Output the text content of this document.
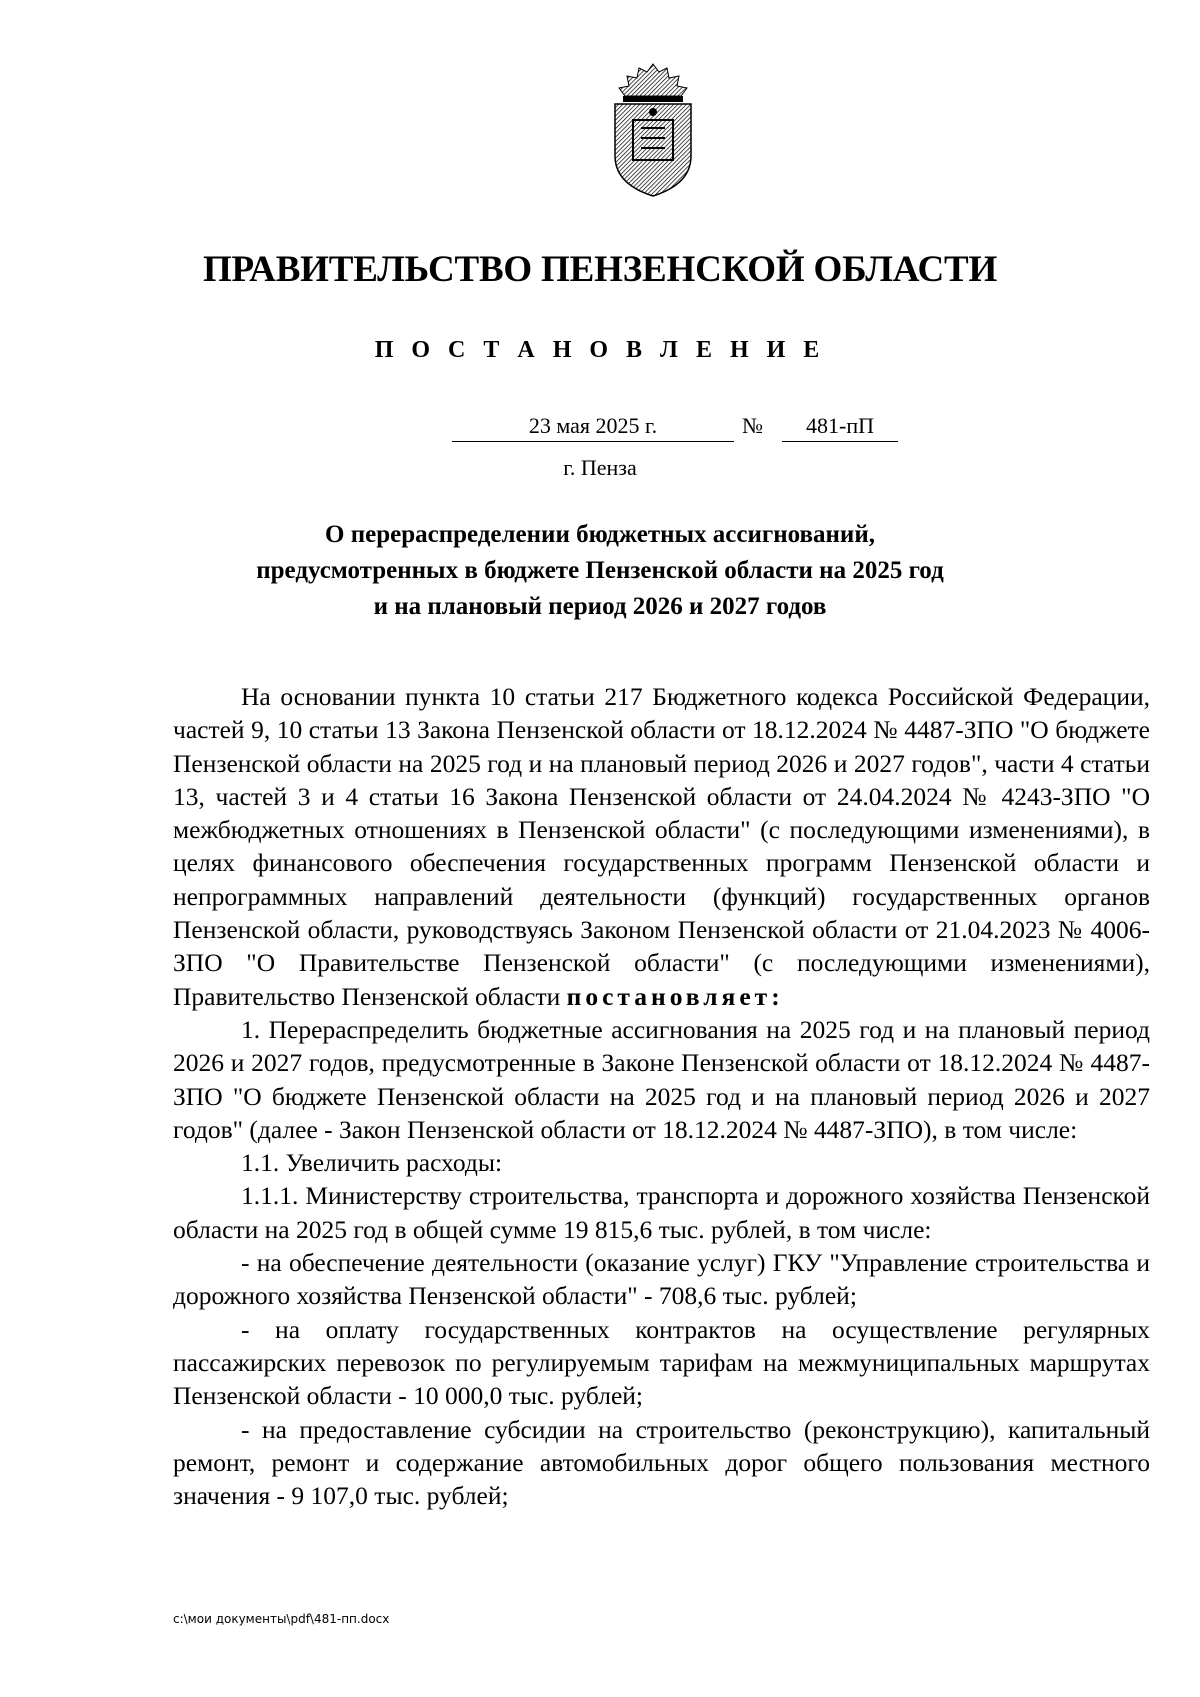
ПРАВИТЕЛЬСТВО ПЕНЗЕНСКОЙ ОБЛАСТИ
П О С Т А Н О В Л Е Н И Е
23 мая 2025 г.	№	481-пП
г. Пенза
О перераспределении бюджетных ассигнований,
предусмотренных в бюджете Пензенской области на 2025 год
и на плановый период 2026 и 2027 годов

На основании пункта 10 статьи 217 Бюджетного кодекса Российской Федерации, частей 9, 10 статьи 13 Закона Пензенской области от 18.12.2024 № 4487-ЗПО "О бюджете Пензенской области на 2025 год и на плановый период 2026 и 2027 годов", части 4 статьи 13, частей 3 и 4 статьи 16 Закона Пензенской области от 24.04.2024 № 4243-ЗПО "О межбюджетных отношениях в Пензенской области" (с последующими изменениями), в целях финансового обеспечения государственных программ Пензенской области и непрограммных направлений деятельности (функций) государственных органов Пензенской области, руководствуясь Законом Пензенской области от 21.04.2023 № 4006-ЗПО "О Правительстве Пензенской области" (с последующими изменениями), Правительство Пензенской области постановляет:

1. Перераспределить бюджетные ассигнования на 2025 год и на плановый период 2026 и 2027 годов, предусмотренные в Законе Пензенской области от 18.12.2024 № 4487-ЗПО "О бюджете Пензенской области на 2025 год и на плановый период 2026 и 2027 годов" (далее - Закон Пензенской области от 18.12.2024 № 4487-ЗПО), в том числе:

1.1. Увеличить расходы:

1.1.1. Министерству строительства, транспорта и дорожного хозяйства Пензенской области на 2025 год в общей сумме 19 815,6 тыс. рублей, в том числе:

- на обеспечение деятельности (оказание услуг) ГКУ "Управление строительства и дорожного хозяйства Пензенской области" - 708,6 тыс. рублей;

- на оплату государственных контрактов на осуществление регулярных пассажирских перевозок по регулируемым тарифам на межмуниципальных маршрутах Пензенской области - 10 000,0 тыс. рублей;

- на предоставление субсидии на строительство (реконструкцию), капитальный ремонт, ремонт и содержание автомобильных дорог общего пользования местного значения - 9 107,0 тыс. рублей;

c:\мои документы\pdf\481-пп.docx
